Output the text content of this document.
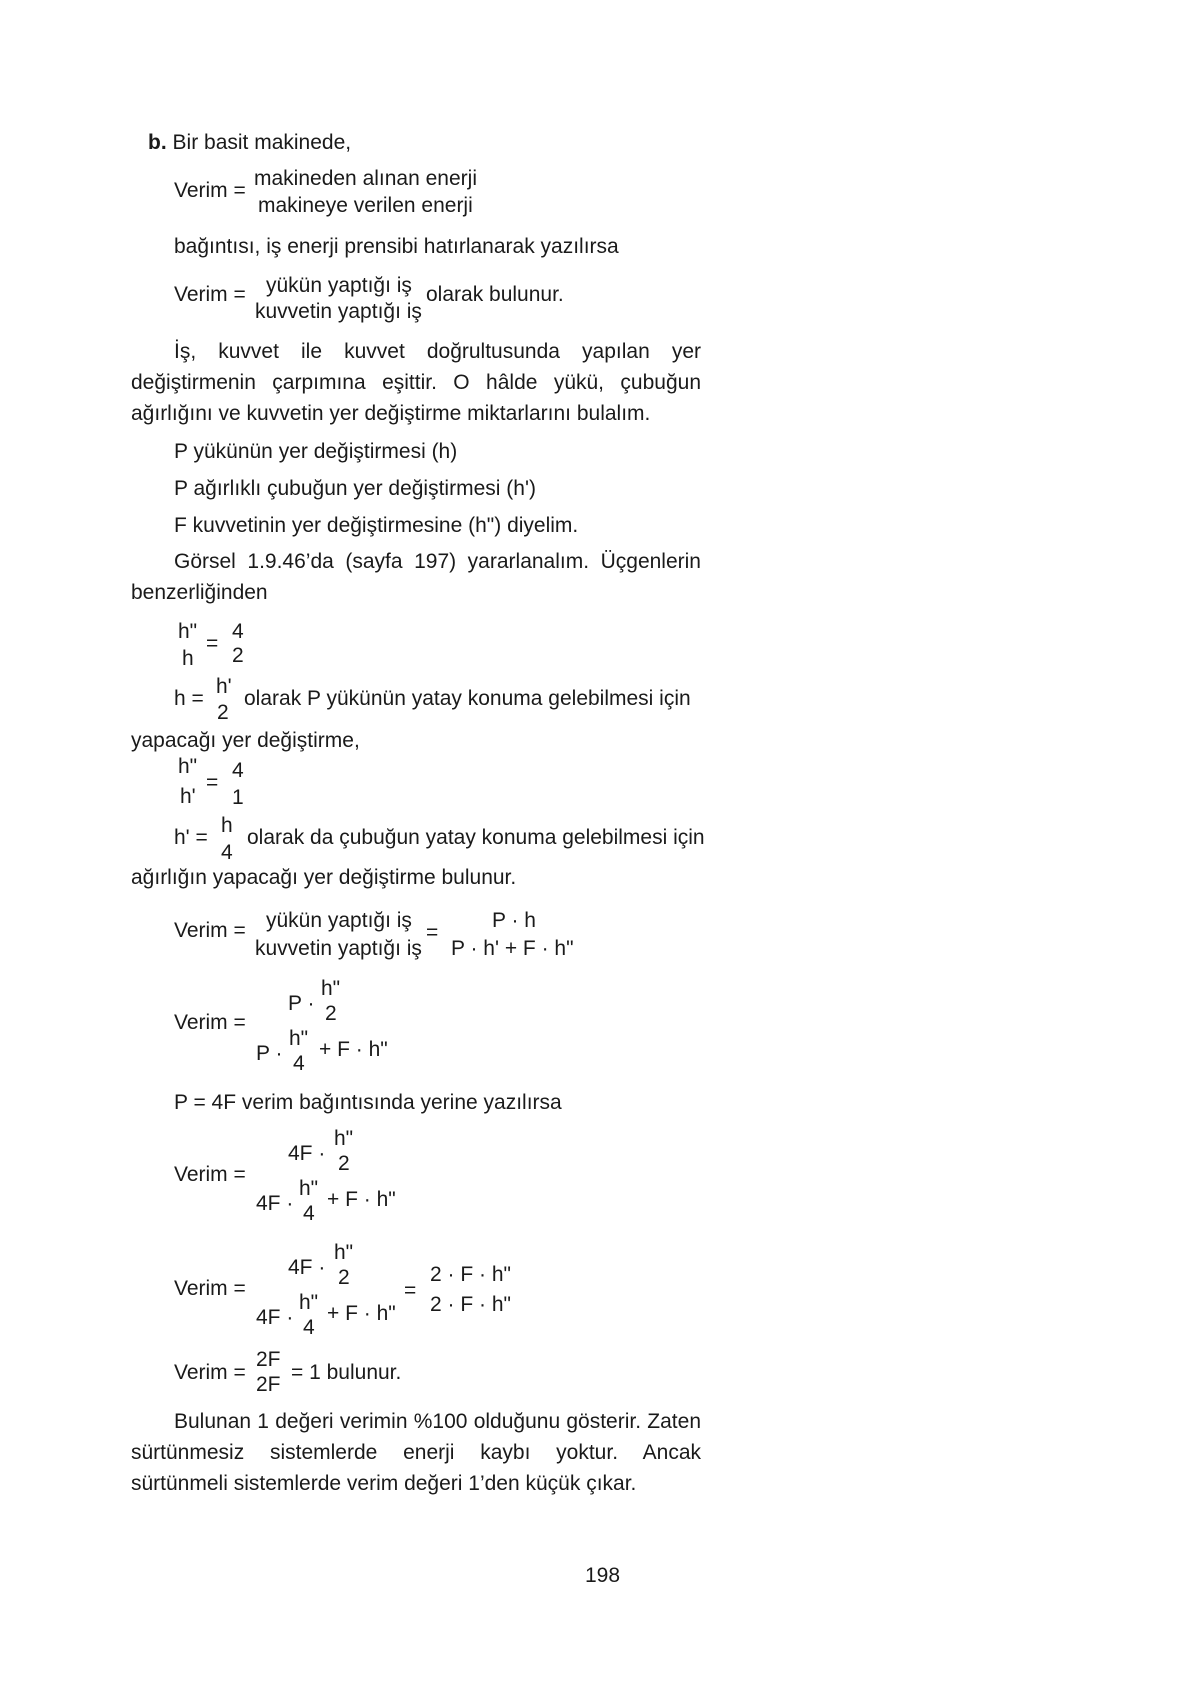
b. Bir basit makinede,
Verim =
makineden alınan enerji
makineye verilen enerji
bağıntısı, iş enerji prensibi hatırlanarak yazılırsa
Verim = yükün yaptığı iş
kuvvetin yaptığı iş
olarak bulunur.
İş, kuvvet ile kuvvet doğrultusunda yapılan yer değiştirmenin çarpımına eşittir. O hâlde yükü, çubuğun ağırlığını ve kuvvetin yer değiştirme miktarlarını bulalım.
P yükünün yer değiştirmesi (h)
P ağırlıklı çubuğun yer değiştirmesi (h')
F kuvvetinin yer değiştirmesine (h") diyelim.
Görsel 1.9.46’da (sayfa 197) yararlanalım. Üçgenlerin benzerliğinden
h"
h
=
4
2
h =
h'
2
olarak P yükünün yatay konuma gelebilmesi için
yapacağı yer değiştirme,
h"
h'
=
4
1
h' =
h
4
olarak da çubuğun yatay konuma gelebilmesi için
ağırlığın yapacağı yer değiştirme bulunur.
Verim = yükün yaptığı iş
kuvvetin yaptığı iş
=
P · h
P · h' + F · h"
Verim =
P ·
h"
2
P ·
h"
4
+ F · h"
P = 4F verim bağıntısında yerine yazılırsa
Verim =
4F ·
h"
2
4F ·
h"
4
+ F · h"
Verim =
4F ·
h"
2
4F ·
h"
4
+ F · h"
=
2 · F · h"
2 · F · h"
Verim =
2F
2F
= 1 bulunur.
Bulunan 1 değeri verimin %100 olduğunu gösterir. Zaten sürtünmesiz sistemlerde enerji kaybı yoktur. Ancak sürtünmeli sistemlerde verim değeri 1’den küçük çıkar.
198
